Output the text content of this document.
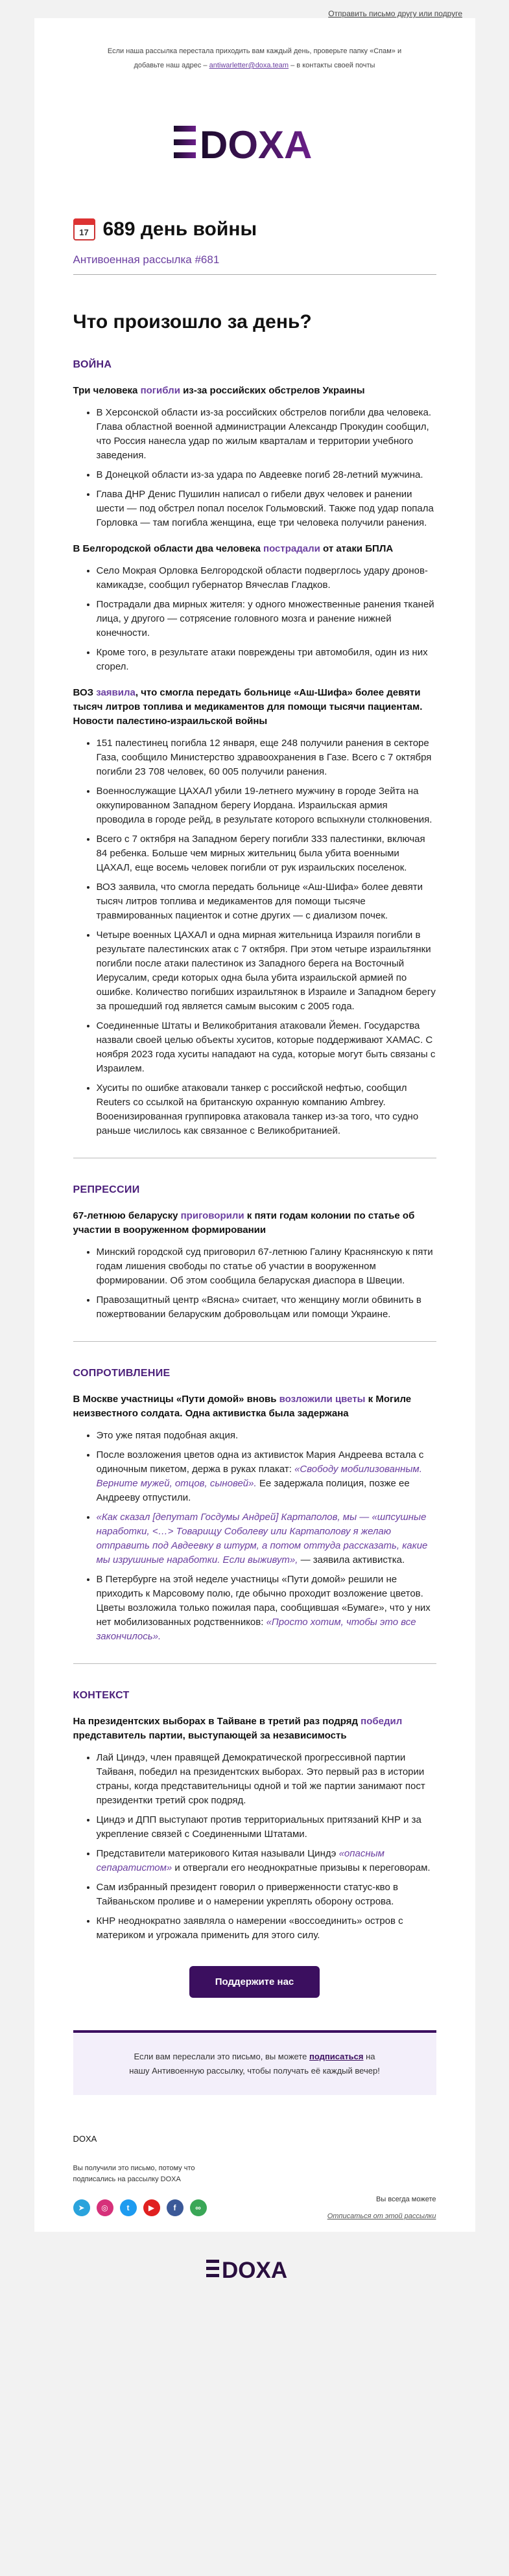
Отправить письмо другу или подруге
Если наша рассылка перестала приходить вам каждый день, проверьте папку «Спам» и
добавьте наш адрес – antiwarletter@doxa.team – в контакты своей почты
DOXA
17 689 день войны
Антивоенная рассылка #681
Что произошло за день?
ВОЙНА
Три человека погибли из-за российских обстрелов Украины
• В Херсонской области из-за российских обстрелов погибли два человека. Глава областной военной администрации Александр Прокудин сообщил, что Россия нанесла удар по жилым кварталам и территории учебного заведения.
• В Донецкой области из-за удара по Авдеевке погиб 28-летний мужчина.
• Глава ДНР Денис Пушилин написал о гибели двух человек и ранении шести — под обстрел попал поселок Гольмовский. Также под удар попала Горловка — там погибла женщина, еще три человека получили ранения.
В Белгородской области два человека пострадали от атаки БПЛА
• Село Мокрая Орловка Белгородской области подверглось удару дронов-камикадзе, сообщил губернатор Вячеслав Гладков.
• Пострадали два мирных жителя: у одного множественные ранения тканей лица, у другого — сотрясение головного мозга и ранение нижней конечности.
• Кроме того, в результате атаки повреждены три автомобиля, один из них сгорел.
ВОЗ заявила, что смогла передать больнице «Аш-Шифа» более девяти тысяч литров топлива и медикаментов для помощи тысячи пациентам. Новости палестино-израильской войны
• 151 палестинец погибла 12 января, еще 248 получили ранения в секторе Газа, сообщило Министерство здравоохранения в Газе. Всего с 7 октября погибли 23 708 человек, 60 005 получили ранения.
• Военнослужащие ЦАХАЛ убили 19-летнего мужчину в городе Зейта на оккупированном Западном берегу Иордана. Израильская армия проводила в городе рейд, в результате которого вспыхнули столкновения.
• Всего с 7 октября на Западном берегу погибли 333 палестинки, включая 84 ребенка. Больше чем мирных жительниц была убита военными ЦАХАЛ, еще восемь человек погибли от рук израильских поселенок.
• ВОЗ заявила, что смогла передать больнице «Аш-Шифа» более девяти тысяч литров топлива и медикаментов для помощи тысяче травмированных пациенток и сотне других — с диализом почек.
• Четыре военных ЦАХАЛ и одна мирная жительница Израиля погибли в результате палестинских атак с 7 октября. При этом четыре израильтянки погибли после атаки палестинок из Западного берега на Восточный Иерусалим, среди которых одна была убита израильской армией по ошибке. Количество погибших израильтянок в Израиле и Западном берегу за прошедший год является самым высоким с 2005 года.
• Соединенные Штаты и Великобритания атаковали Йемен. Государства назвали своей целью объекты хуситов, которые поддерживают ХАМАС. С ноября 2023 года хуситы нападают на суда, которые могут быть связаны с Израилем.
• Хуситы по ошибке атаковали танкер с российской нефтью, сообщил Reuters со ссылкой на британскую охранную компанию Ambrey. Вооенизированная группировка атаковала танкер из-за того, что судно раньше числилось как связанное с Великобританией.
РЕПРЕССИИ
67-летнюю беларуску приговорили к пяти годам колонии по статье об участии в вооруженном формировании
• Минский городской суд приговорил 67-летнюю Галину Краснянскую к пяти годам лишения свободы по статье об участии в вооруженном формировании. Об этом сообщила беларуская диаспора в Швеции.
• Правозащитный центр «Вясна» считает, что женщину могли обвинить в пожертвовании беларуским добровольцам или помощи Украине.
СОПРОТИВЛЕНИЕ
В Москве участницы «Пути домой» вновь возложили цветы к Могиле неизвестного солдата. Одна активистка была задержана
• Это уже пятая подобная акция.
• После возложения цветов одна из активисток Мария Андреева встала с одиночным пикетом, держа в руках плакат: «Свободу мобилизованным. Верните мужей, отцов, сыновей». Ее задержала полиция, позже ее Андрееву отпустили.
• «Как сказал [депутат Госдумы Андрей] Картаполов, мы — «шпсушные наработки, <…> Товарищу Соболеву или Картаполову я желаю отправить под Авдеевку в штурм, а потом оттуда рассказать, какие мы изрушиные наработки. Если выживут», — заявила активистка.
• В Петербурге на этой неделе участницы «Пути домой» решили не приходить к Марсовому полю, где обычно проходит возложение цветов. Цветы возложила только пожилая пара, сообщившая «Бумаге», что у них нет мобилизованных родственников: «Просто хотим, чтобы это все закончилось».
КОНТЕКСТ
На президентских выборах в Тайване в третий раз подряд победил представитель партии, выступающей за независимость
• Лай Циндэ, член правящей Демократической прогрессивной партии Тайваня, победил на президентских выборах. Это первый раз в истории страны, когда представительницы одной и той же партии занимают пост президентки третий срок подряд.
• Циндэ и ДПП выступают против территориальных притязаний КНР и за укрепление связей с Соединенными Штатами.
• Представители материкового Китая называли Циндэ «опасным сепаратистом» и отвергали его неоднократные призывы к переговорам.
• Сам избранный президент говорил о приверженности статус-кво в Тайваньском проливе и о намерении укреплять оборону острова.
• КНР неоднократно заявляла о намерении «воссоединить» остров с материком и угрожала применить для этого силу.
Поддержите нас
Если вам переслали это письмо, вы можете подписаться на
нашу Антивоенную рассылку, чтобы получать её каждый вечер!
DOXA
Вы получили это письмо, потому что подписались на рассылку DOXA
Вы всегда можете
Отписаться от этой рассылки
➤	◎	t	▶	f	∞
DOXA
